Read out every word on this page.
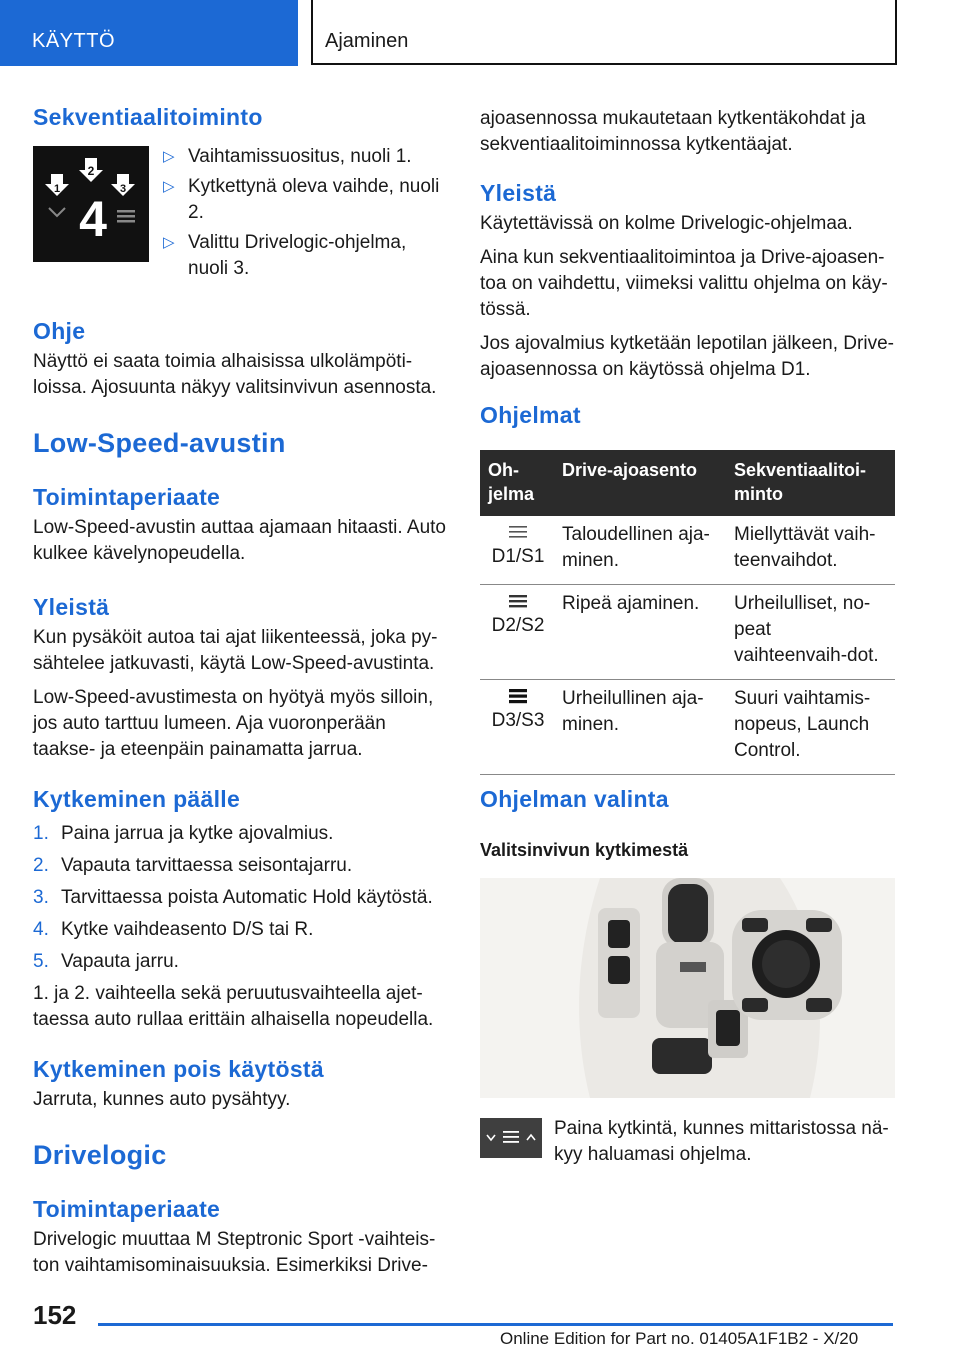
KÄYTTÖ	Ajaminen
Sekventiaalitoiminto
2
1	3
4
▷ Vaihtamissuositus, nuoli 1.
▷ Kytkettynä oleva vaihde, nuoli 2.
▷ Valittu Drivelogic-ohjelma, nuoli 3.
Ohje

Näyttö ei saata toimia alhaisissa ulkolämpöti-loissa. Ajosuunta näkyy valitsinvivun asennosta.

Low-Speed-avustin
Toimintaperiaate

Low-Speed-avustin auttaa ajamaan hitaasti. Auto kulkee kävelynopeudella.

Yleistä

Kun pysäköit autoa tai ajat liikenteessä, joka py-sähtelee jatkuvasti, käytä Low-Speed-avustinta.

Low-Speed-avustimesta on hyötyä myös silloin, jos auto tarttuu lumeen. Aja vuoronperään taakse- ja eteenpäin painamatta jarrua.

Kytkeminen päälle
1. Paina jarrua ja kytke ajovalmius.
2. Vapauta tarvittaessa seisontajarru.
3. Tarvittaessa poista Automatic Hold käytöstä.
4. Kytke vaihdeasento D/S tai R.
5. Vapauta jarru.

1. ja 2. vaihteella sekä peruutusvaihteella ajet-taessa auto rullaa erittäin alhaisella nopeudella.

Kytkeminen pois käytöstä

Jarruta, kunnes auto pysähtyy.

Drivelogic
Toimintaperiaate

Drivelogic muuttaa M Steptronic Sport -vaihteis-ton vaihtamisominaisuuksia. Esimerkiksi Drive-

ajoasennossa mukautetaan kytkentäkohdat ja sekventiaalitoiminnossa kytkentäajat.

Yleistä

Käytettävissä on kolme Drivelogic-ohjelmaa.

Aina kun sekventiaalitoimintoa ja Drive-ajoasen-toa on vaihdettu, viimeksi valittu ohjelma on käy-tössä.

Jos ajovalmius kytketään lepotilan jälkeen, Drive-ajoasennossa on käytössä ohjelma D1.

Ohjelmat
Oh-jelma	Drive-ajoasento	Sekventiaalitoi-minto

D1/S1	Taloudellinen aja-minen.	Miellyttävät vaih-teenvaihdot.

D2/S2	Ripeä ajaminen.	Urheilulliset, no-peat vaihteenvaih-dot.

D3/S3	Urheilullinen aja-minen.	Suuri vaihtamis-nopeus, Launch Control.
Ohjelman valinta
Valitsinvivun kytkimestä

Paina kytkintä, kunnes mittaristossa nä-kyy haluamasi ohjelma.

152
Online Edition for Part no. 01405A1F1B2 - X/20
